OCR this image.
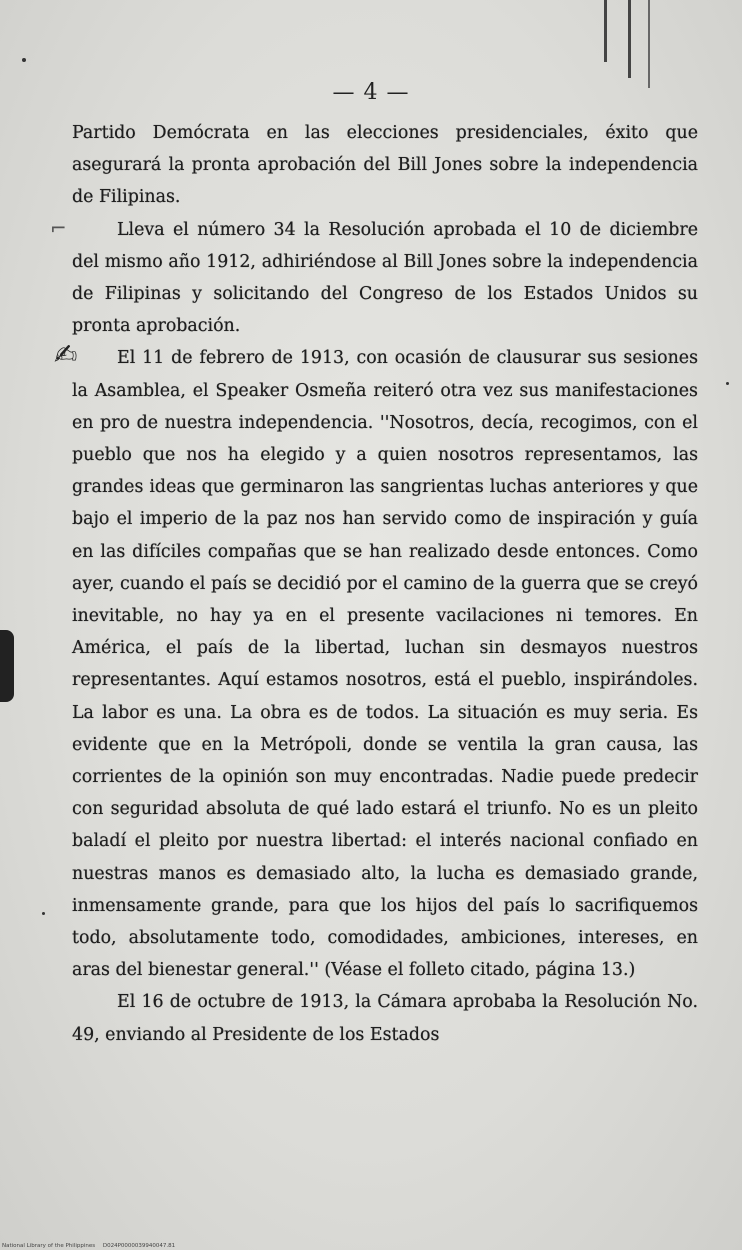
— 4 —
⌐
✍

Partido Demócrata en las elecciones presidenciales, éxito que asegurará la pronta aprobación del Bill Jones sobre la independencia de Filipinas.

Lleva el número 34 la Resolución aprobada el 10 de diciembre del mismo año 1912, adhiriéndose al Bill Jones sobre la independencia de Filipinas y solicitando del Congreso de los Estados Unidos su pronta aprobación.

El 11 de febrero de 1913, con ocasión de clausurar sus sesiones la Asamblea, el Speaker Osmeña reiteró otra vez sus manifestaciones en pro de nuestra independencia. ''Nosotros, decía, recogimos, con el pueblo que nos ha elegido y a quien nosotros representamos, las grandes ideas que germinaron las sangrientas luchas anteriores y que bajo el imperio de la paz nos han servido como de inspiración y guía en las difíciles compañas que se han realizado desde entonces. Como ayer, cuando el país se decidió por el camino de la guerra que se creyó inevitable, no hay ya en el presente vacilaciones ni temores. En América, el país de la libertad, luchan sin desmayos nuestros representantes. Aquí estamos nosotros, está el pueblo, inspirándoles. La labor es una. La obra es de todos. La situación es muy seria. Es evidente que en la Metrópoli, donde se ventila la gran causa, las corrientes de la opinión son muy encontradas. Nadie puede predecir con seguridad absoluta de qué lado estará el triunfo. No es un pleito baladí el pleito por nuestra libertad: el interés nacional confiado en nuestras manos es demasiado alto, la lucha es demasiado grande, inmensamente grande, para que los hijos del país lo sacrifiquemos todo, absolutamente todo, comodidades, ambiciones, intereses, en aras del bienestar general.'' (Véase el folleto citado, página 13.)

El 16 de octubre de 1913, la Cámara aprobaba la Resolución No. 49, enviando al Presidente de los Estados

National Library of the Philippines D024P0000039940047.81
